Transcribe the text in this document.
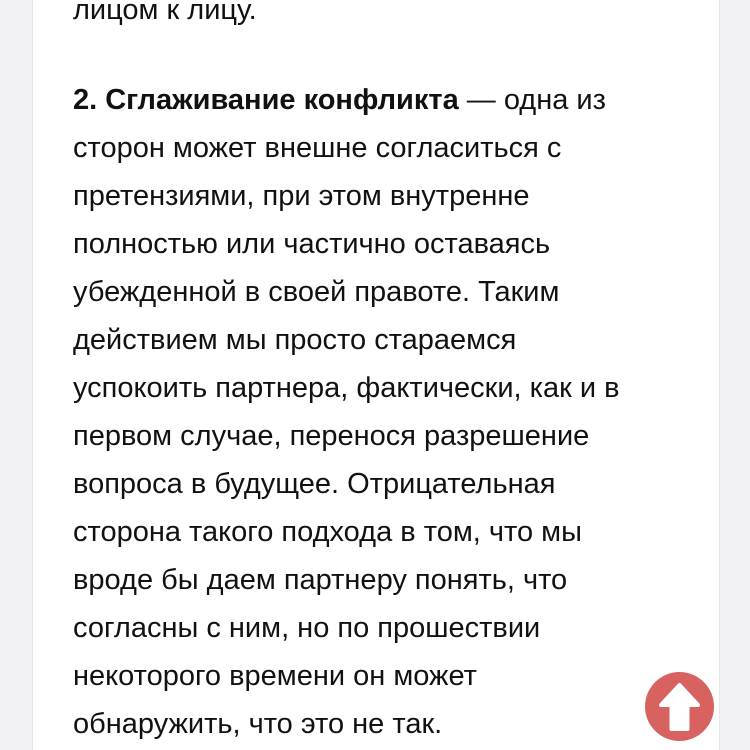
лицом к лицу.
2. Сглаживание конфликта — одна из
сторон может внешне согласиться с
претензиями, при этом внутренне
полностью или частично оставаясь
убежденной в своей правоте. Таким
действием мы просто стараемся
успокоить партнера, фактически, как и в
первом случае, перенося разрешение
вопроса в будущее. Отрицательная
сторона такого подхода в том, что мы
вроде бы даем партнеру понять, что
согласны с ним, но по прошествии
некоторого времени он может
обнаружить, что это не так.
